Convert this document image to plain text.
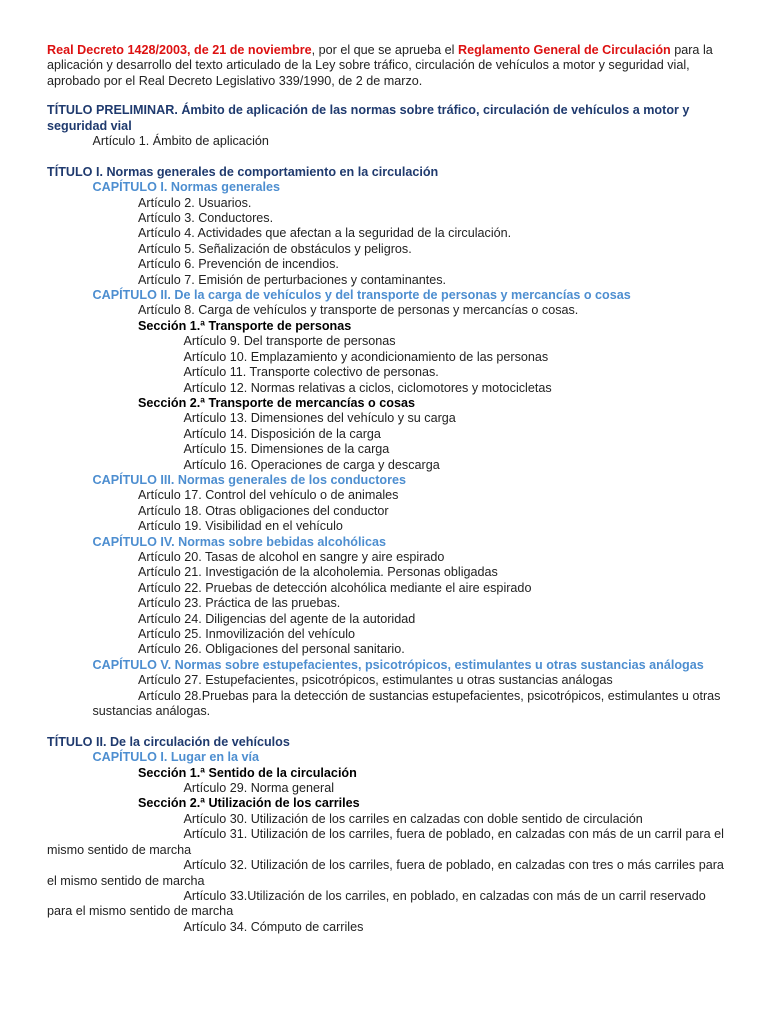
Real Decreto 1428/2003, de 21 de noviembre, por el que se aprueba el Reglamento General de Circulación para la aplicación y desarrollo del texto articulado de la Ley sobre tráfico, circulación de vehículos a motor y seguridad vial, aprobado por el Real Decreto Legislativo 339/1990, de 2 de marzo.
TÍTULO PRELIMINAR. Ámbito de aplicación de las normas sobre tráfico, circulación de vehículos a motor y seguridad vial
Artículo 1. Ámbito de aplicación
TÍTULO I. Normas generales de comportamiento en la circulación
CAPÍTULO I. Normas generales
Artículo 2. Usuarios.
Artículo 3. Conductores.
Artículo 4. Actividades que afectan a la seguridad de la circulación.
Artículo 5. Señalización de obstáculos y peligros.
Artículo 6. Prevención de incendios.
Artículo 7. Emisión de perturbaciones y contaminantes.
CAPÍTULO II. De la carga de vehículos y del transporte de personas y mercancías o cosas
Artículo 8. Carga de vehículos y transporte de personas y mercancías o cosas.
Sección 1.ª Transporte de personas
Artículo 9. Del transporte de personas
Artículo 10. Emplazamiento y acondicionamiento de las personas
Artículo 11. Transporte colectivo de personas.
Artículo 12. Normas relativas a ciclos, ciclomotores y motocicletas
Sección 2.ª Transporte de mercancías o cosas
Artículo 13. Dimensiones del vehículo y su carga
Artículo 14. Disposición de la carga
Artículo 15. Dimensiones de la carga
Artículo 16. Operaciones de carga y descarga
CAPÍTULO III. Normas generales de los conductores
Artículo 17. Control del vehículo o de animales
Artículo 18. Otras obligaciones del conductor
Artículo 19. Visibilidad en el vehículo
CAPÍTULO IV. Normas sobre bebidas alcohólicas
Artículo 20. Tasas de alcohol en sangre y aire espirado
Artículo 21. Investigación de la alcoholemia. Personas obligadas
Artículo 22. Pruebas de detección alcohólica mediante el aire espirado
Artículo 23. Práctica de las pruebas.
Artículo 24. Diligencias del agente de la autoridad
Artículo 25. Inmovilización del vehículo
Artículo 26. Obligaciones del personal sanitario.
CAPÍTULO V. Normas sobre estupefacientes, psicotrópicos, estimulantes u otras sustancias análogas
Artículo 27. Estupefacientes, psicotrópicos, estimulantes u otras sustancias análogas
Artículo 28.Pruebas para la detección de sustancias estupefacientes, psicotrópicos, estimulantes u otras sustancias análogas.
TÍTULO II. De la circulación de vehículos
CAPÍTULO I. Lugar en la vía
Sección 1.ª Sentido de la circulación
Artículo 29. Norma general
Sección 2.ª Utilización de los carriles
Artículo 30. Utilización de los carriles en calzadas con doble sentido de circulación
Artículo 31. Utilización de los carriles, fuera de poblado, en calzadas con más de un carril para el mismo sentido de marcha
Artículo 32. Utilización de los carriles, fuera de poblado, en calzadas con tres o más carriles para el mismo sentido de marcha
Artículo 33.Utilización de los carriles, en poblado, en calzadas con más de un carril reservado para el mismo sentido de marcha
Artículo 34. Cómputo de carriles
